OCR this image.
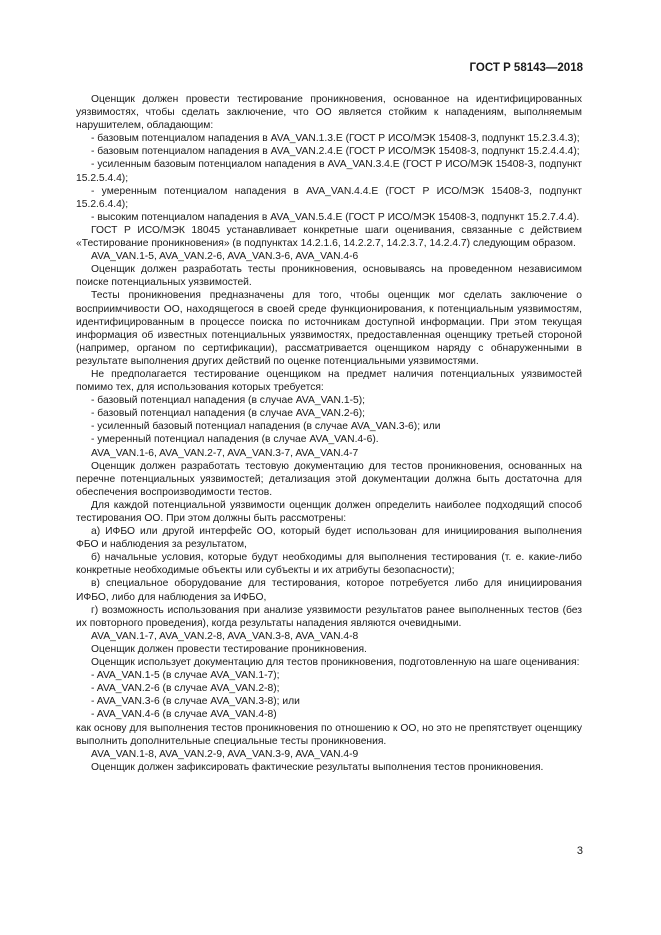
ГОСТ Р 58143—2018

Оценщик должен провести тестирование проникновения, основанное на идентифицированных уязвимостях, чтобы сделать заключение, что ОО является стойким к нападениям, выполняемым нарушителем, обладающим:

- базовым потенциалом нападения в AVA_VAN.1.3.E (ГОСТ Р ИСО/МЭК 15408-3, подпункт 15.2.3.4.3);

- базовым потенциалом нападения в AVA_VAN.2.4.E (ГОСТ Р ИСО/МЭК 15408-3, подпункт 15.2.4.4.4);

- усиленным базовым потенциалом нападения в AVA_VAN.3.4.E (ГОСТ Р ИСО/МЭК 15408-3, подпункт 15.2.5.4.4);

- умеренным потенциалом нападения в AVA_VAN.4.4.E (ГОСТ Р ИСО/МЭК 15408-3, подпункт 15.2.6.4.4);

- высоким потенциалом нападения в AVA_VAN.5.4.E (ГОСТ Р ИСО/МЭК 15408-3, подпункт 15.2.7.4.4).

ГОСТ Р ИСО/МЭК 18045 устанавливает конкретные шаги оценивания, связанные с действием «Тестирование проникновения» (в подпунктах 14.2.1.6, 14.2.2.7, 14.2.3.7, 14.2.4.7) следующим образом.

AVA_VAN.1-5, AVA_VAN.2-6, AVA_VAN.3-6, AVA_VAN.4-6

Оценщик должен разработать тесты проникновения, основываясь на проведенном независимом поиске потенциальных уязвимостей.

Тесты проникновения предназначены для того, чтобы оценщик мог сделать заключение о восприимчивости ОО, находящегося в своей среде функционирования, к потенциальным уязвимостям, идентифицированным в процессе поиска по источникам доступной информации. При этом текущая информация об известных потенциальных уязвимостях, предоставленная оценщику третьей стороной (например, органом по сертификации), рассматривается оценщиком наряду с обнаруженными в результате выполнения других действий по оценке потенциальными уязвимостями.

Не предполагается тестирование оценщиком на предмет наличия потенциальных уязвимостей помимо тех, для использования которых требуется:

- базовый потенциал нападения (в случае AVA_VAN.1-5);

- базовый потенциал нападения (в случае AVA_VAN.2-6);

- усиленный базовый потенциал нападения (в случае AVA_VAN.3-6); или

- умеренный потенциал нападения (в случае AVA_VAN.4-6).

AVA_VAN.1-6, AVA_VAN.2-7, AVA_VAN.3-7, AVA_VAN.4-7

Оценщик должен разработать тестовую документацию для тестов проникновения, основанных на перечне потенциальных уязвимостей; детализация этой документации должна быть достаточна для обеспечения воспроизводимости тестов.

Для каждой потенциальной уязвимости оценщик должен определить наиболее подходящий способ тестирования ОО. При этом должны быть рассмотрены:

а) ИФБО или другой интерфейс ОО, который будет использован для инициирования выполнения ФБО и наблюдения за результатом,

б) начальные условия, которые будут необходимы для выполнения тестирования (т. е. какие-либо конкретные необходимые объекты или субъекты и их атрибуты безопасности);

в) специальное оборудование для тестирования, которое потребуется либо для инициирования ИФБО, либо для наблюдения за ИФБО,

г) возможность использования при анализе уязвимости результатов ранее выполненных тестов (без их повторного проведения), когда результаты нападения являются очевидными.

AVA_VAN.1-7, AVA_VAN.2-8, AVA_VAN.3-8, AVA_VAN.4-8

Оценщик должен провести тестирование проникновения.

Оценщик использует документацию для тестов проникновения, подготовленную на шаге оценивания:

- AVA_VAN.1-5 (в случае AVA_VAN.1-7);

- AVA_VAN.2-6 (в случае AVA_VAN.2-8);

- AVA_VAN.3-6 (в случае AVA_VAN.3-8); или

- AVA_VAN.4-6 (в случае AVA_VAN.4-8)

как основу для выполнения тестов проникновения по отношению к ОО, но это не препятствует оценщику выполнить дополнительные специальные тесты проникновения.

AVA_VAN.1-8, AVA_VAN.2-9, AVA_VAN.3-9, AVA_VAN.4-9

Оценщик должен зафиксировать фактические результаты выполнения тестов проникновения.

3
